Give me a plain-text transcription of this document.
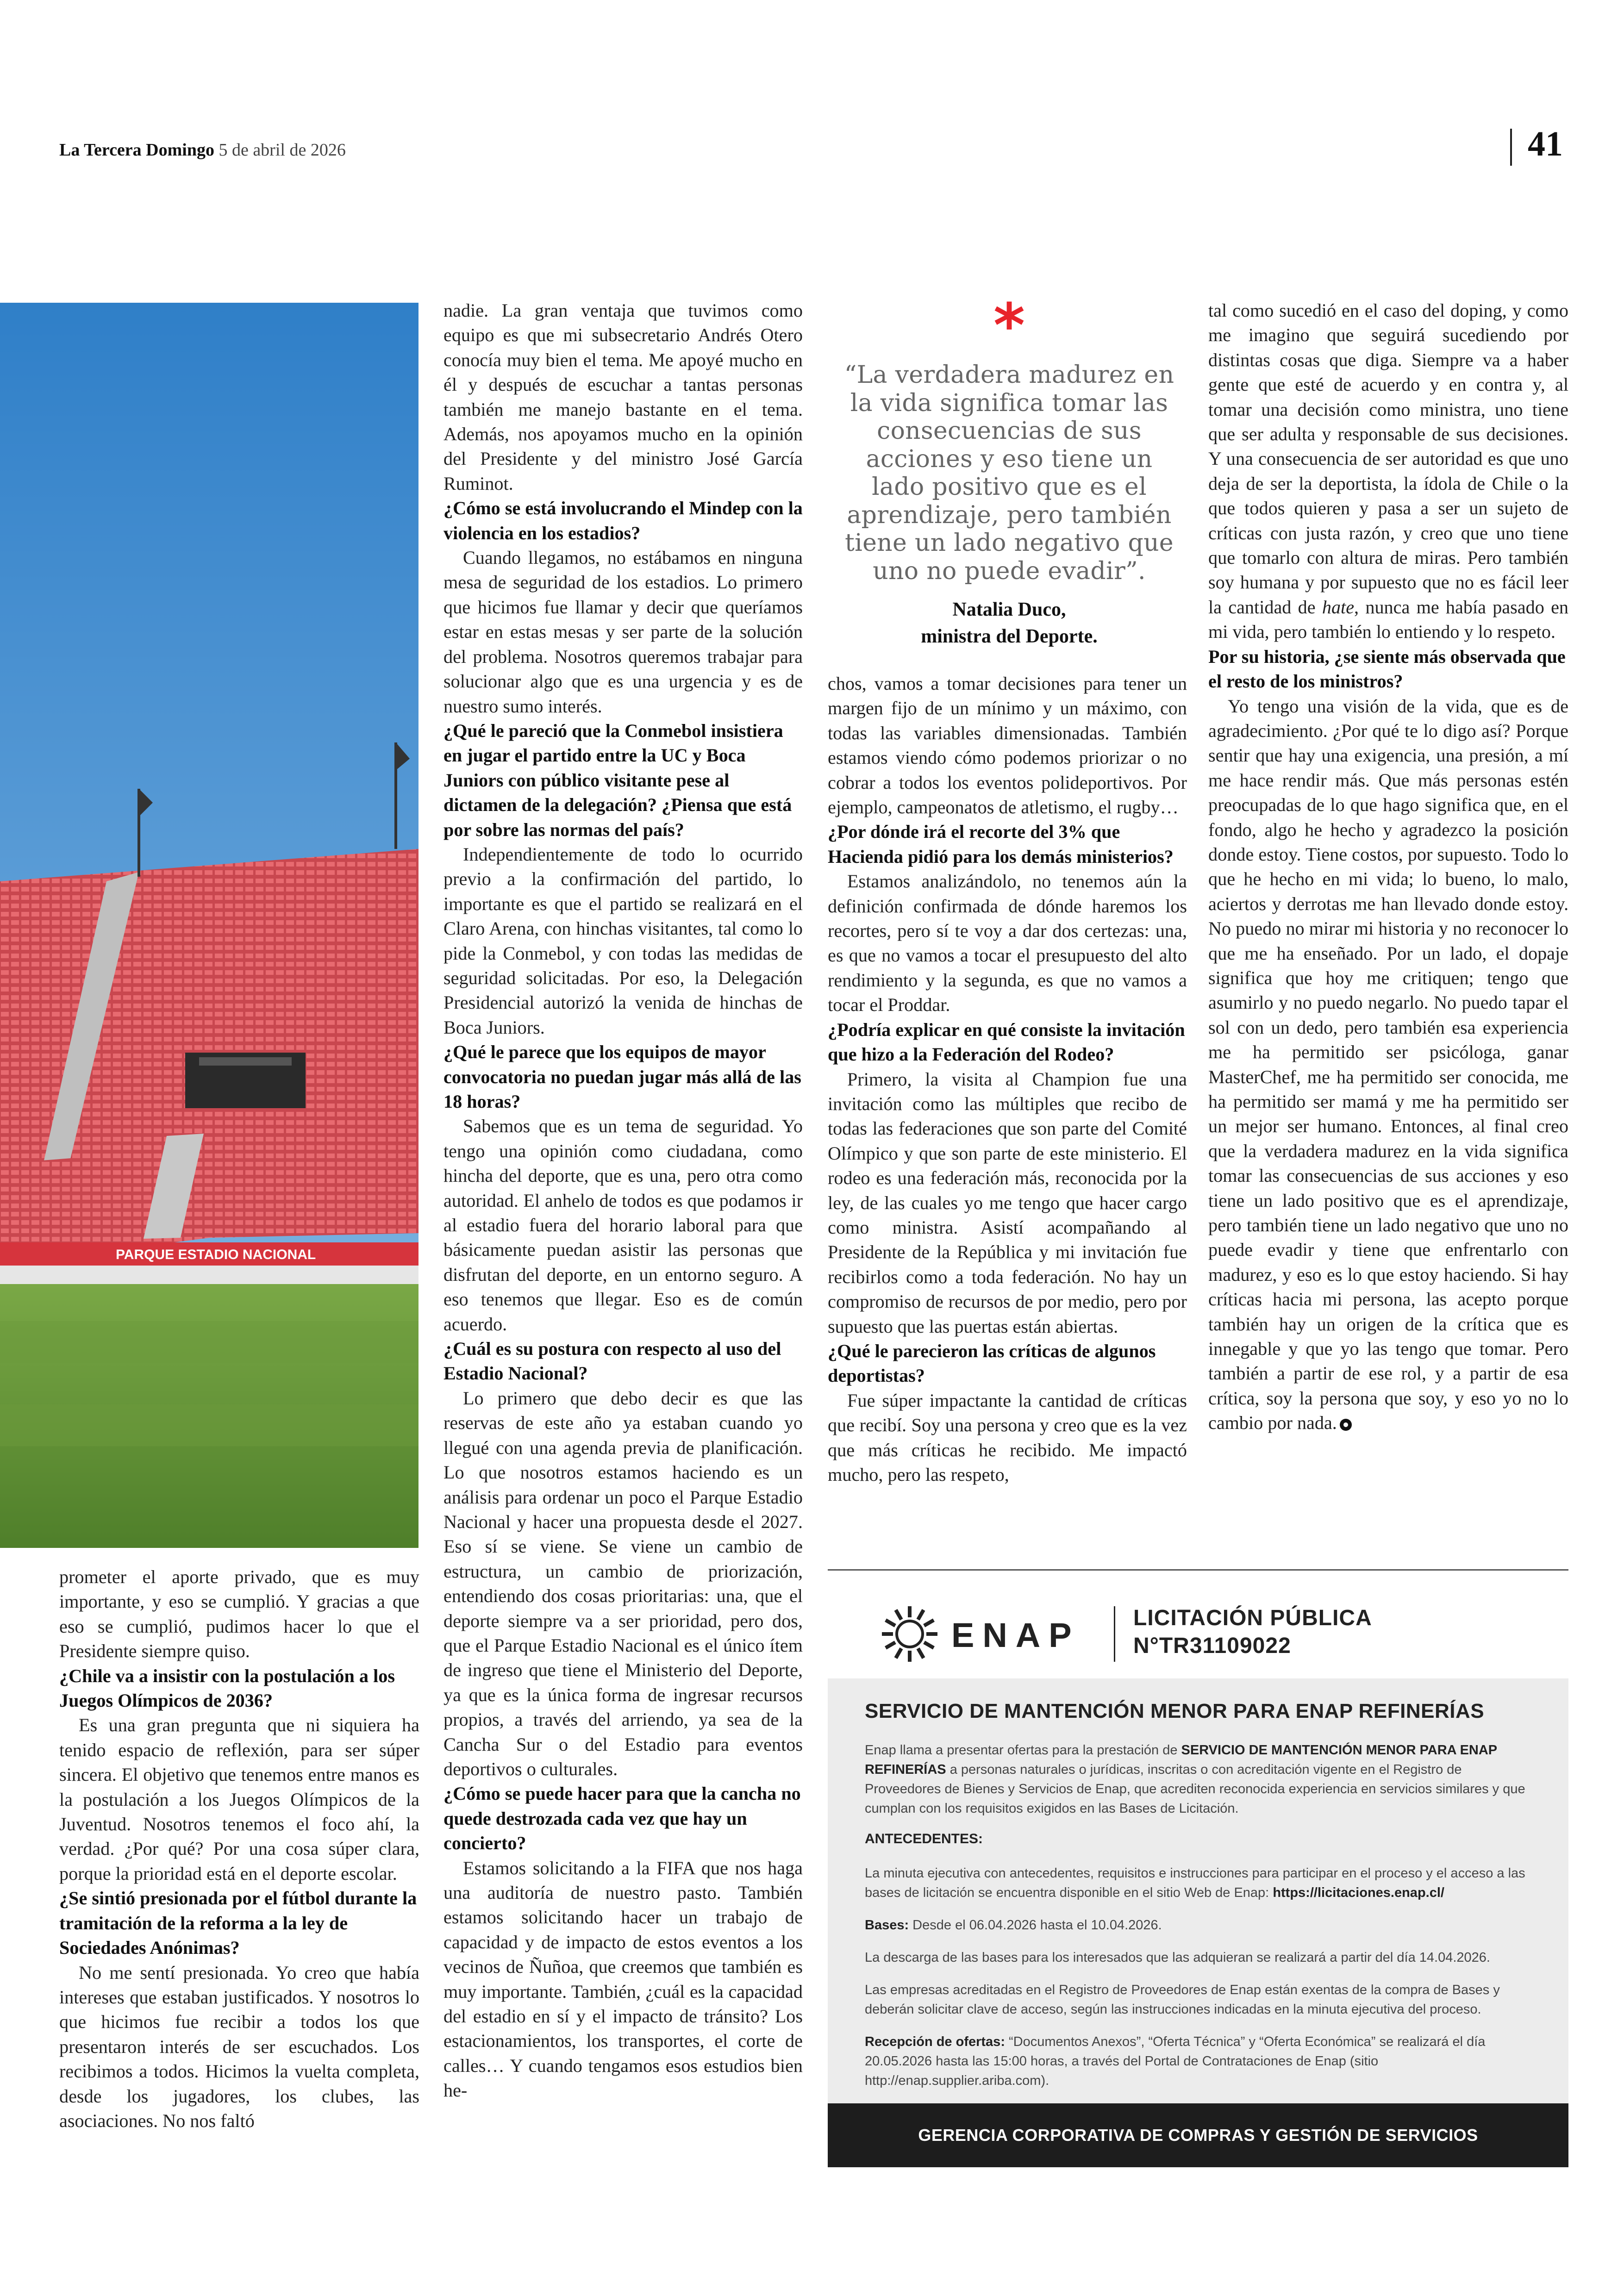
La Tercera Domingo 5 de abril de 2026	41
PARQUE ESTADIO NACIONAL

prometer el aporte privado, que es muy importante, y eso se cumplió. Y gracias a que eso se cumplió, pudimos hacer lo que el Presidente siempre quiso.

¿Chile va a insistir con la postulación a los Juegos Olímpicos de 2036?

Es una gran pregunta que ni siquiera ha tenido espacio de reflexión, para ser súper sincera. El objetivo que tenemos entre manos es la postulación a los Juegos Olímpicos de la Juventud. Nosotros tenemos el foco ahí, la verdad. ¿Por qué? Por una cosa súper clara, porque la prioridad está en el deporte escolar.

¿Se sintió presionada por el fútbol durante la tramitación de la reforma a la ley de Sociedades Anónimas?

No me sentí presionada. Yo creo que había intereses que estaban justificados. Y nosotros lo que hicimos fue recibir a todos los que presentaron interés de ser escuchados. Los recibimos a todos. Hicimos la vuelta completa, desde los jugadores, los clubes, las asociaciones. No nos faltó

nadie. La gran ventaja que tuvimos como equipo es que mi subsecretario Andrés Otero conocía muy bien el tema. Me apoyé mucho en él y después de escuchar a tantas personas también me manejo bastante en el tema. Además, nos apoyamos mucho en la opinión del Presidente y del ministro José García Ruminot.

¿Cómo se está involucrando el Mindep con la violencia en los estadios?

Cuando llegamos, no estábamos en ninguna mesa de seguridad de los estadios. Lo primero que hicimos fue llamar y decir que queríamos estar en estas mesas y ser parte de la solución del problema. Nosotros queremos trabajar para solucionar algo que es una urgencia y es de nuestro sumo interés.

¿Qué le pareció que la Conmebol insistiera en jugar el partido entre la UC y Boca Juniors con público visitante pese al dictamen de la delegación? ¿Piensa que está por sobre las normas del país?

Independientemente de todo lo ocurrido previo a la confirmación del partido, lo importante es que el partido se realizará en el Claro Arena, con hinchas visitantes, tal como lo pide la Conmebol, y con todas las medidas de seguridad solicitadas. Por eso, la Delegación Presidencial autorizó la venida de hinchas de Boca Juniors.

¿Qué le parece que los equipos de mayor convocatoria no puedan jugar más allá de las 18 horas?

Sabemos que es un tema de seguridad. Yo tengo una opinión como ciudadana, como hincha del deporte, que es una, pero otra como autoridad. El anhelo de todos es que podamos ir al estadio fuera del horario laboral para que básicamente puedan asistir las personas que disfrutan del deporte, en un entorno seguro. A eso tenemos que llegar. Eso es de común acuerdo.

¿Cuál es su postura con respecto al uso del Estadio Nacional?

Lo primero que debo decir es que las reservas de este año ya estaban cuando yo llegué con una agenda previa de planificación. Lo que nosotros estamos haciendo es un análisis para ordenar un poco el Parque Estadio Nacional y hacer una propuesta desde el 2027. Eso sí se viene. Se viene un cambio de estructura, un cambio de priorización, entendiendo dos cosas prioritarias: una, que el deporte siempre va a ser prioridad, pero dos, que el Parque Estadio Nacional es el único ítem de ingreso que tiene el Ministerio del Deporte, ya que es la única forma de ingresar recursos propios, a través del arriendo, ya sea de la Cancha Sur o del Estadio para eventos deportivos o culturales.

¿Cómo se puede hacer para que la cancha no quede destrozada cada vez que hay un concierto?

Estamos solicitando a la FIFA que nos haga una auditoría de nuestro pasto. También estamos solicitando hacer un trabajo de capacidad y de impacto de estos eventos a los vecinos de Ñuñoa, que creemos que también es muy importante. También, ¿cuál es la capacidad del estadio en sí y el impacto de tránsito? Los estacionamientos, los transportes, el corte de calles… Y cuando tengamos esos estudios bien he-

chos, vamos a tomar decisiones para tener un margen fijo de un mínimo y un máximo, con todas las variables dimensionadas. También estamos viendo cómo podemos priorizar o no cobrar a todos los eventos polideportivos. Por ejemplo, campeonatos de atletismo, el rugby…

¿Por dónde irá el recorte del 3% que Hacienda pidió para los demás ministerios?

Estamos analizándolo, no tenemos aún la definición confirmada de dónde haremos los recortes, pero sí te voy a dar dos certezas: una, es que no vamos a tocar el presupuesto del alto rendimiento y la segunda, es que no vamos a tocar el Proddar.

¿Podría explicar en qué consiste la invitación que hizo a la Federación del Rodeo?

Primero, la visita al Champion fue una invitación como las múltiples que recibo de todas las federaciones que son parte del Comité Olímpico y que son parte de este ministerio. El rodeo es una federación más, reconocida por la ley, de las cuales yo me tengo que hacer cargo como ministra. Asistí acompañando al Presidente de la República y mi invitación fue recibirlos como a toda federación. No hay un compromiso de recursos de por medio, pero por supuesto que las puertas están abiertas.

¿Qué le parecieron las críticas de algunos deportistas?

Fue súper impactante la cantidad de críticas que recibí. Soy una persona y creo que es la vez que más críticas he recibido. Me impactó mucho, pero las respeto,

tal como sucedió en el caso del doping, y como me imagino que seguirá sucediendo por distintas cosas que diga. Siempre va a haber gente que esté de acuerdo y en contra y, al tomar una decisión como ministra, uno tiene que ser adulta y responsable de sus decisiones. Y una consecuencia de ser autoridad es que uno deja de ser la deportista, la ídola de Chile o la que todos quieren y pasa a ser un sujeto de críticas con justa razón, y creo que uno tiene que tomarlo con altura de miras. Pero también soy humana y por supuesto que no es fácil leer la cantidad de hate, nunca me había pasado en mi vida, pero también lo entiendo y lo respeto.

Por su historia, ¿se siente más observada que el resto de los ministros?

Yo tengo una visión de la vida, que es de agradecimiento. ¿Por qué te lo digo así? Porque sentir que hay una exigencia, una presión, a mí me hace rendir más. Que más personas estén preocupadas de lo que hago significa que, en el fondo, algo he hecho y agradezco la posición donde estoy. Tiene costos, por supuesto. Todo lo que he hecho en mi vida; lo bueno, lo malo, aciertos y derrotas me han llevado donde estoy. No puedo no mirar mi historia y no reconocer lo que me ha enseñado. Por un lado, el dopaje significa que hoy me critiquen; tengo que asumirlo y no puedo negarlo. No puedo tapar el sol con un dedo, pero también esa experiencia me ha permitido ser psicóloga, ganar MasterChef, me ha permitido ser conocida, me ha permitido ser mamá y me ha permitido ser un mejor ser humano. Entonces, al final creo que la verdadera madurez en la vida significa tomar las consecuencias de sus acciones y eso tiene un lado positivo que es el aprendizaje, pero también tiene un lado negativo que uno no puede evadir y tiene que enfrentarlo con madurez, y eso es lo que estoy haciendo. Si hay críticas hacia mi persona, las acepto porque también hay un origen de la crítica que es innegable y que yo las tengo que tomar. Pero también a partir de ese rol, y a partir de esa crítica, soy la persona que soy, y eso yo no lo cambio por nada.

*
“La verdadera madurez en la vida significa tomar las consecuencias de sus acciones y eso tiene un lado positivo que es el aprendizaje, pero también tiene un lado negativo que uno no puede evadir”.
Natalia Duco,
ministra del Deporte.
ENAP LICITACIÓN PÚBLICA
N°TR31109022
SERVICIO DE MANTENCIÓN MENOR PARA ENAP REFINERÍAS

Enap llama a presentar ofertas para la prestación de SERVICIO DE MANTENCIÓN MENOR PARA ENAP REFINERÍAS a personas naturales o jurídicas, inscritas o con acreditación vigente en el Registro de Proveedores de Bienes y Servicios de Enap, que acrediten reconocida experiencia en servicios similares y que cumplan con los requisitos exigidos en las Bases de Licitación.

ANTECEDENTES:

La minuta ejecutiva con antecedentes, requisitos e instrucciones para participar en el proceso y el acceso a las bases de licitación se encuentra disponible en el sitio Web de Enap: https://licitaciones.enap.cl/

Bases: Desde el 06.04.2026 hasta el 10.04.2026.

La descarga de las bases para los interesados que las adquieran se realizará a partir del día 14.04.2026.

Las empresas acreditadas en el Registro de Proveedores de Enap están exentas de la compra de Bases y deberán solicitar clave de acceso, según las instrucciones indicadas en la minuta ejecutiva del proceso.

Recepción de ofertas: “Documentos Anexos”, “Oferta Técnica” y “Oferta Económica” se realizará el día 20.05.2026 hasta las 15:00 horas, a través del Portal de Contrataciones de Enap (sitio http://enap.supplier.ariba.com).

GERENCIA CORPORATIVA DE COMPRAS Y GESTIÓN DE SERVICIOS
